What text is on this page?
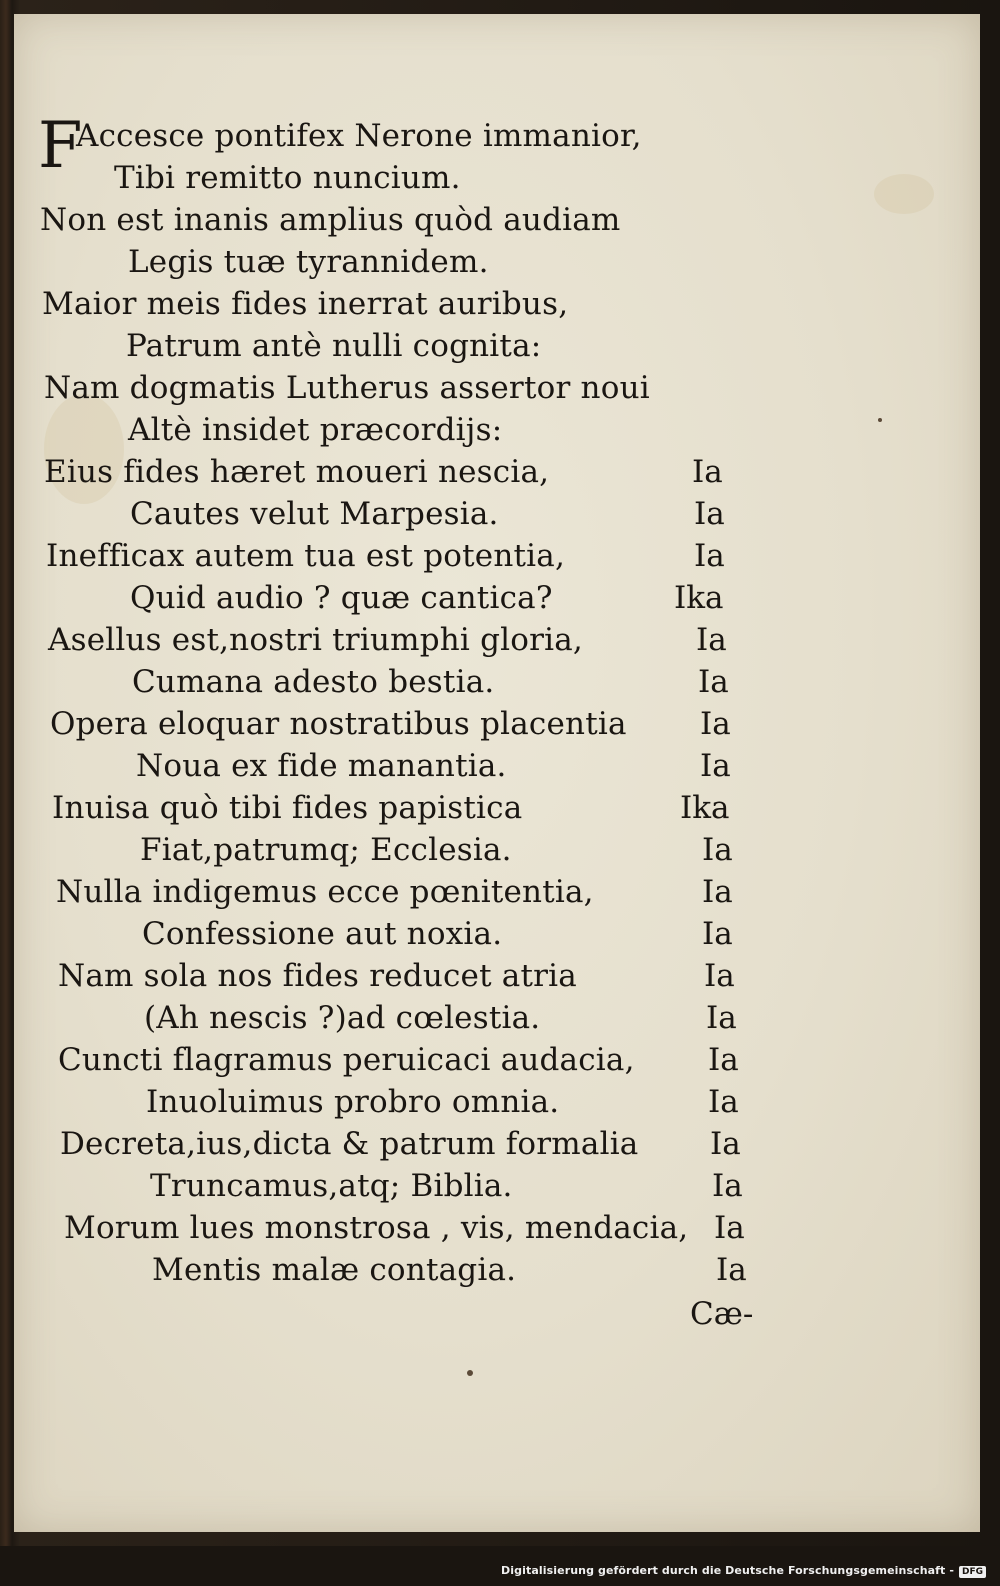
F
Accesce pontifex Nerone immanior,
Tibi remitto nuncium.
Non est inanis amplius quòd audiam
Legis tuæ tyrannidem.
Maior meis fides inerrat auribus,
Patrum antè nulli cognita:
Nam dogmatis Lutherus assertor noui
Altè insidet præcordijs:
Eius fides hæret moueri nescia,
Cautes velut Marpesia.
Inefficax autem tua est potentia,
Quid audio ? quæ cantica?
Asellus est,nostri triumphi gloria,
Cumana adesto bestia.
Opera eloquar nostratibus placentia
Noua ex fide manantia.
Inuisa quò tibi fides papistica
Fiat,patrumq; Ecclesia.
Nulla indigemus ecce pœnitentia,
Confessione aut noxia.
Nam sola nos fides reducet atria
(Ah nescis ?)ad cœlestia.
Cuncti flagramus peruicaci audacia,
Inuoluimus probro omnia.
Decreta,ius,dicta & patrum formalia
Truncamus,atq; Biblia.
Morum lues monstrosa , vis, mendacia,
Mentis malæ contagia.
Ia
Ia
Ia
Ika
Ia
Ia
Ia
Ia
Ika
Ia
Ia
Ia
Ia
Ia
Ia
Ia
Ia
Ia
Ia
Ia
Cæ-
Digitalisierung gefördert durch die Deutsche Forschungsgemeinschaft - DFG
